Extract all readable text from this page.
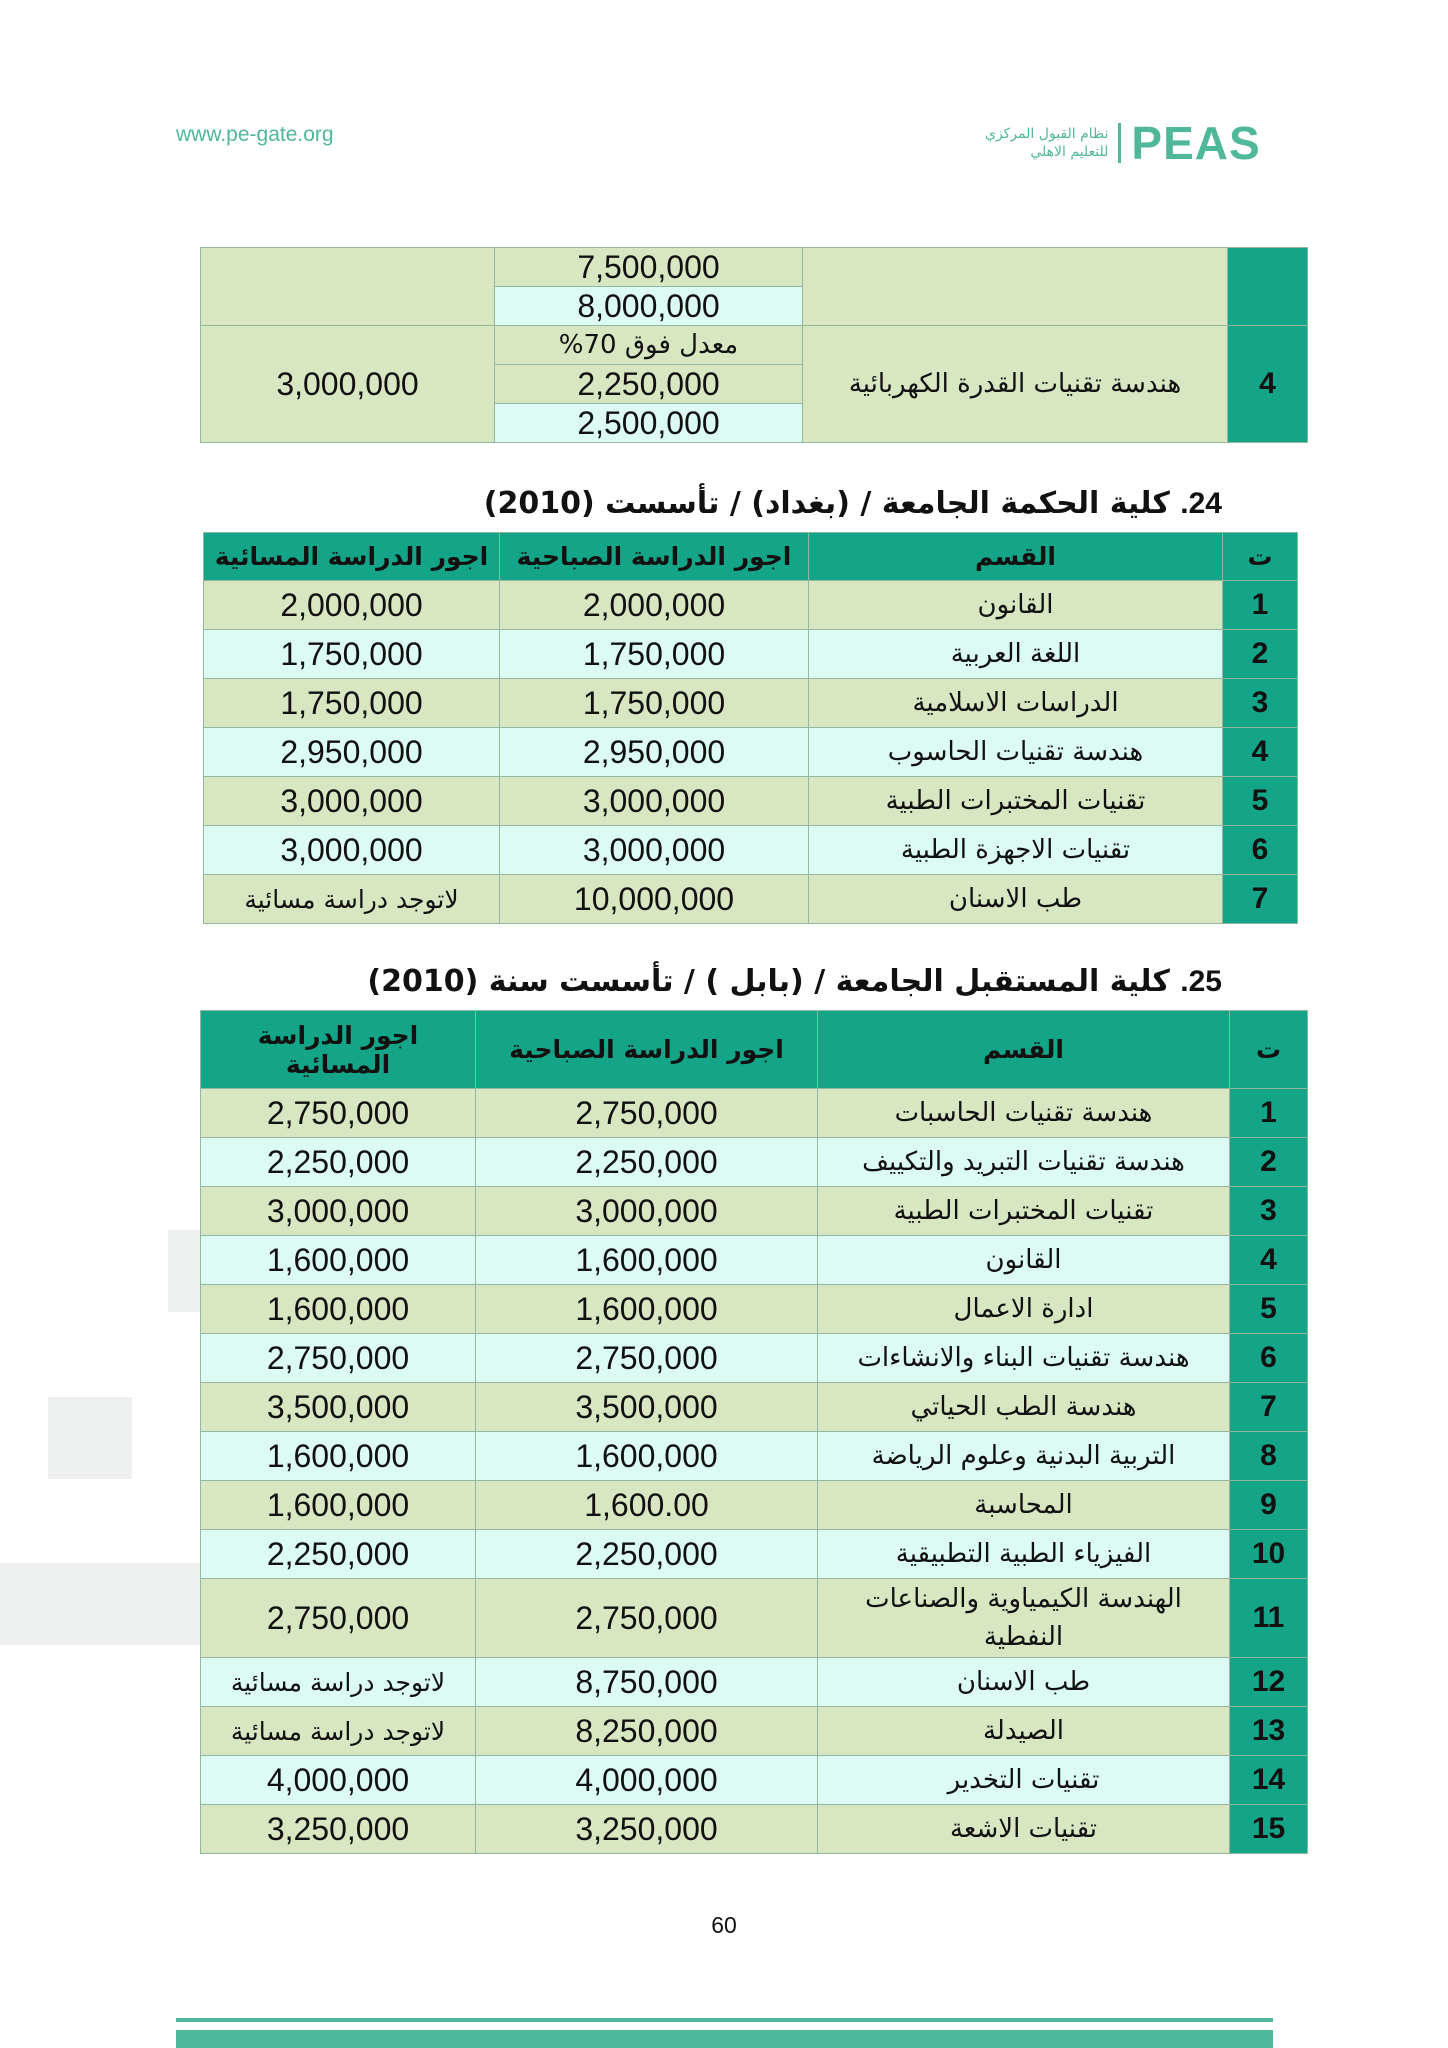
www.pe-gate.org	نظام القبول المركزي
للتعليم الاهلي PEAS
	7,500,000		
	8,000,000		
3,000,000	معدل فوق 70%	هندسة تقنيات القدرة الكهربائية	4
	2,250,000		
	2,500,000		
24. كلية الحكمة الجامعة / (بغداد) / تأسست (2010)
اجور الدراسة المسائية	اجور الدراسة الصباحية	القسم	ت
2,000,000	2,000,000	القانون	1
1,750,000	1,750,000	اللغة العربية	2
1,750,000	1,750,000	الدراسات الاسلامية	3
2,950,000	2,950,000	هندسة تقنيات الحاسوب	4
3,000,000	3,000,000	تقنيات المختبرات الطبية	5
3,000,000	3,000,000	تقنيات الاجهزة الطبية	6
لاتوجد دراسة مسائية	10,000,000	طب الاسنان	7
25. كلية المستقبل الجامعة / (بابل ) / تأسست سنة (2010)
اجور الدراسة
المسائية	اجور الدراسة الصباحية	القسم	ت
2,750,000	2,750,000	هندسة تقنيات الحاسبات	1
2,250,000	2,250,000	هندسة تقنيات التبريد والتكييف	2
3,000,000	3,000,000	تقنيات المختبرات الطبية	3
1,600,000	1,600,000	القانون	4
1,600,000	1,600,000	ادارة الاعمال	5
2,750,000	2,750,000	هندسة تقنيات البناء والانشاءات	6
3,500,000	3,500,000	هندسة الطب الحياتي	7
1,600,000	1,600,000	التربية البدنية وعلوم الرياضة	8
1,600,000	1,600.00	المحاسبة	9
2,250,000	2,250,000	الفيزياء الطبية التطبيقية	10
2,750,000	2,750,000	الهندسة الكيمياوية والصناعات النفطية	11
لاتوجد دراسة مسائية	8,750,000	طب الاسنان	12
لاتوجد دراسة مسائية	8,250,000	الصيدلة	13
4,000,000	4,000,000	تقنيات التخدير	14
3,250,000	3,250,000	تقنيات الاشعة	15
60
